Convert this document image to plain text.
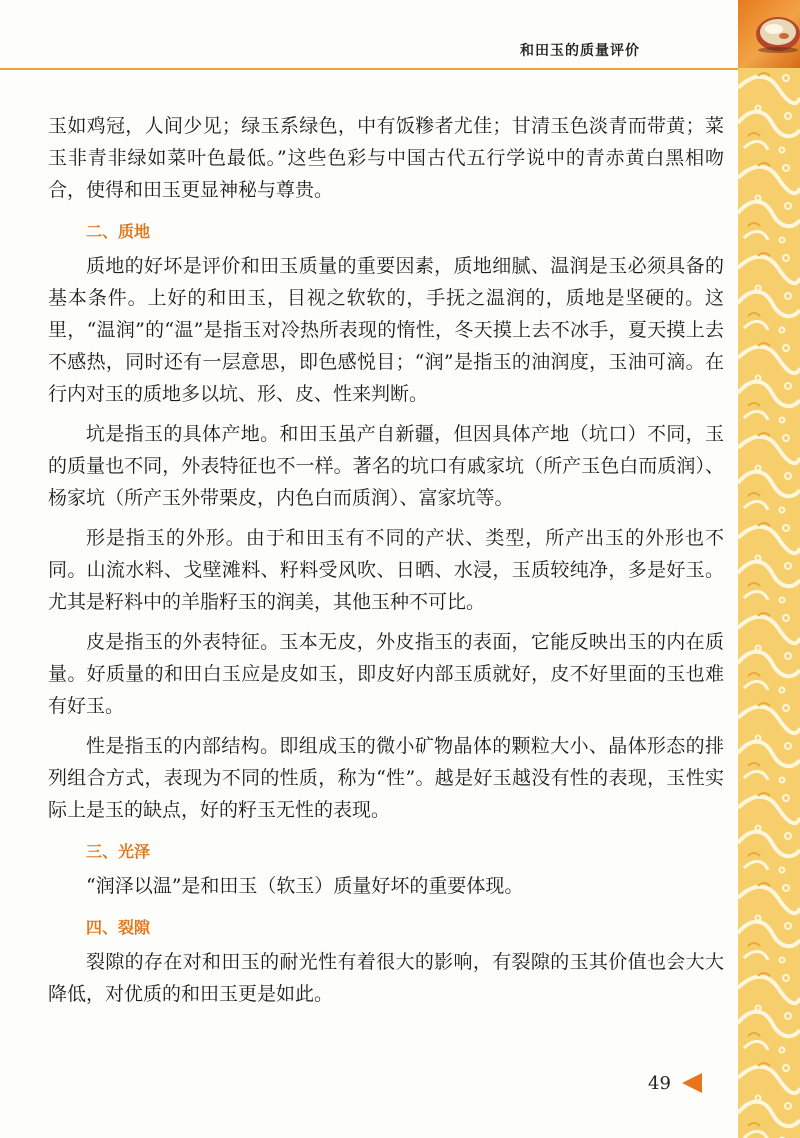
和田玉的质量评价

玉如鸡冠，人间少见；绿玉系绿色，中有饭糁者尤佳；甘清玉色淡青而带黄；菜玉非青非绿如菜叶色最低。”这些色彩与中国古代五行学说中的青赤黄白黑相吻合，使得和田玉更显神秘与尊贵。

二、质地

质地的好坏是评价和田玉质量的重要因素，质地细腻、温润是玉必须具备的基本条件。上好的和田玉，目视之软软的，手抚之温润的，质地是坚硬的。这里，“温润”的“温”是指玉对冷热所表现的惰性，冬天摸上去不冰手，夏天摸上去不感热，同时还有一层意思，即色感悦目；“润”是指玉的油润度，玉油可滴。在行内对玉的质地多以坑、形、皮、性来判断。

坑是指玉的具体产地。和田玉虽产自新疆，但因具体产地（坑口）不同，玉的质量也不同，外表特征也不一样。著名的坑口有戚家坑（所产玉色白而质润）、杨家坑（所产玉外带栗皮，内色白而质润）、富家坑等。

形是指玉的外形。由于和田玉有不同的产状、类型，所产出玉的外形也不同。山流水料、戈壁滩料、籽料受风吹、日晒、水浸，玉质较纯净，多是好玉。尤其是籽料中的羊脂籽玉的润美，其他玉种不可比。

皮是指玉的外表特征。玉本无皮，外皮指玉的表面，它能反映出玉的内在质量。好质量的和田白玉应是皮如玉，即皮好内部玉质就好，皮不好里面的玉也难有好玉。

性是指玉的内部结构。即组成玉的微小矿物晶体的颗粒大小、晶体形态的排列组合方式，表现为不同的性质，称为“性”。越是好玉越没有性的表现，玉性实际上是玉的缺点，好的籽玉无性的表现。

三、光泽

“润泽以温”是和田玉（软玉）质量好坏的重要体现。

四、裂隙

裂隙的存在对和田玉的耐光性有着很大的影响，有裂隙的玉其价值也会大大降低，对优质的和田玉更是如此。

49
